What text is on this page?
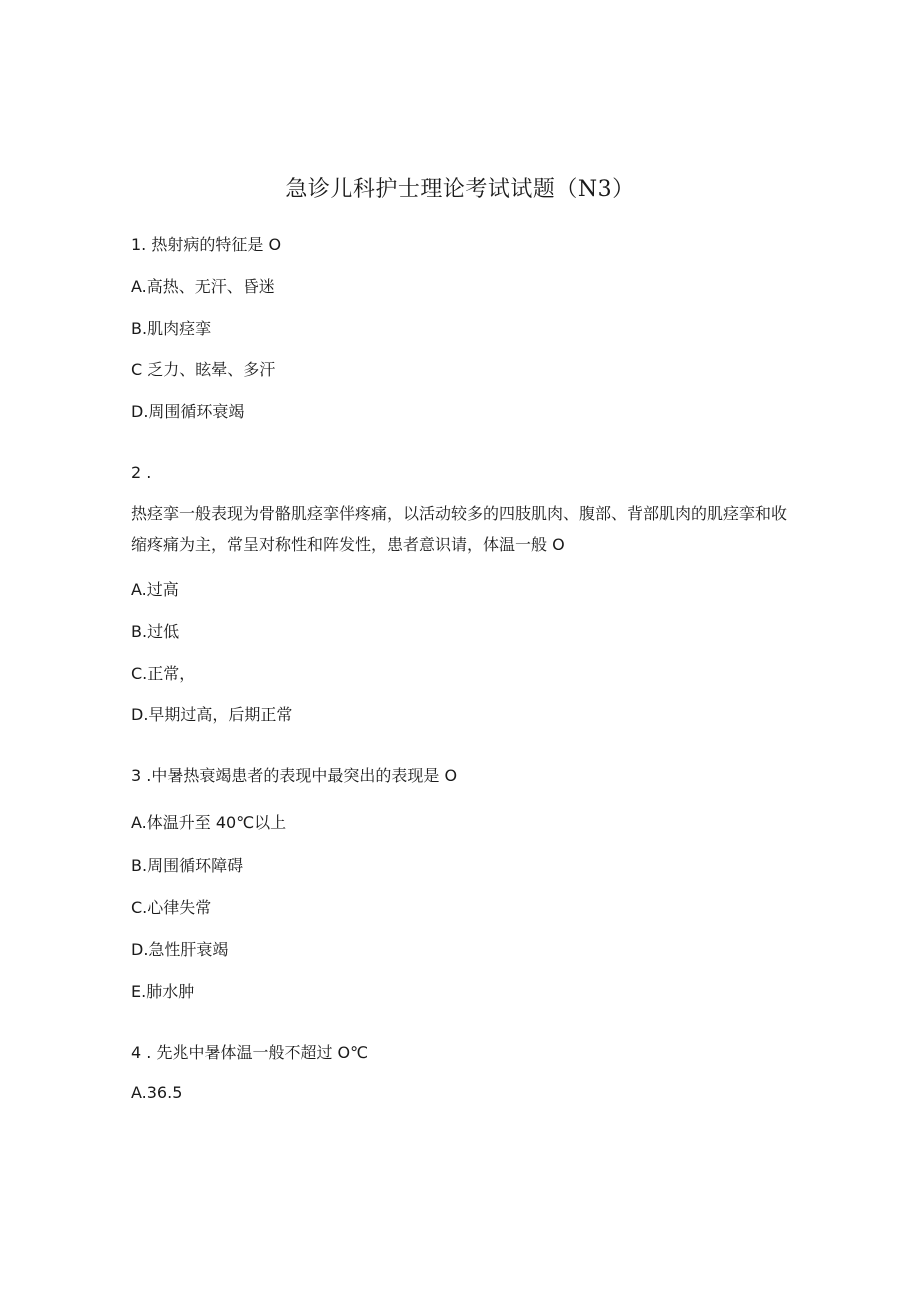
急诊儿科护士理论考试试题（N3）
1. 热射病的特征是 O
A.高热、无汗、昏迷
B.肌肉痉挛
C 乏力、眩晕、多汗
D.周围循环衰竭
2 .
热痉挛一般表现为骨骼肌痉挛伴疼痛，以活动较多的四肢肌肉、腹部、背部肌肉的肌痉挛和收缩疼痛为主，常呈对称性和阵发性，患者意识请，体温一般 O
A.过高
B.过低
C.正常，
D.早期过高，后期正常
3 .中暑热衰竭患者的表现中最突出的表现是 O
A.体温升至 40℃以上
B.周围循环障碍
C.心律失常
D.急性肝衰竭
E.肺水肿
4 . 先兆中暑体温一般不超过 O℃
A.36.5
